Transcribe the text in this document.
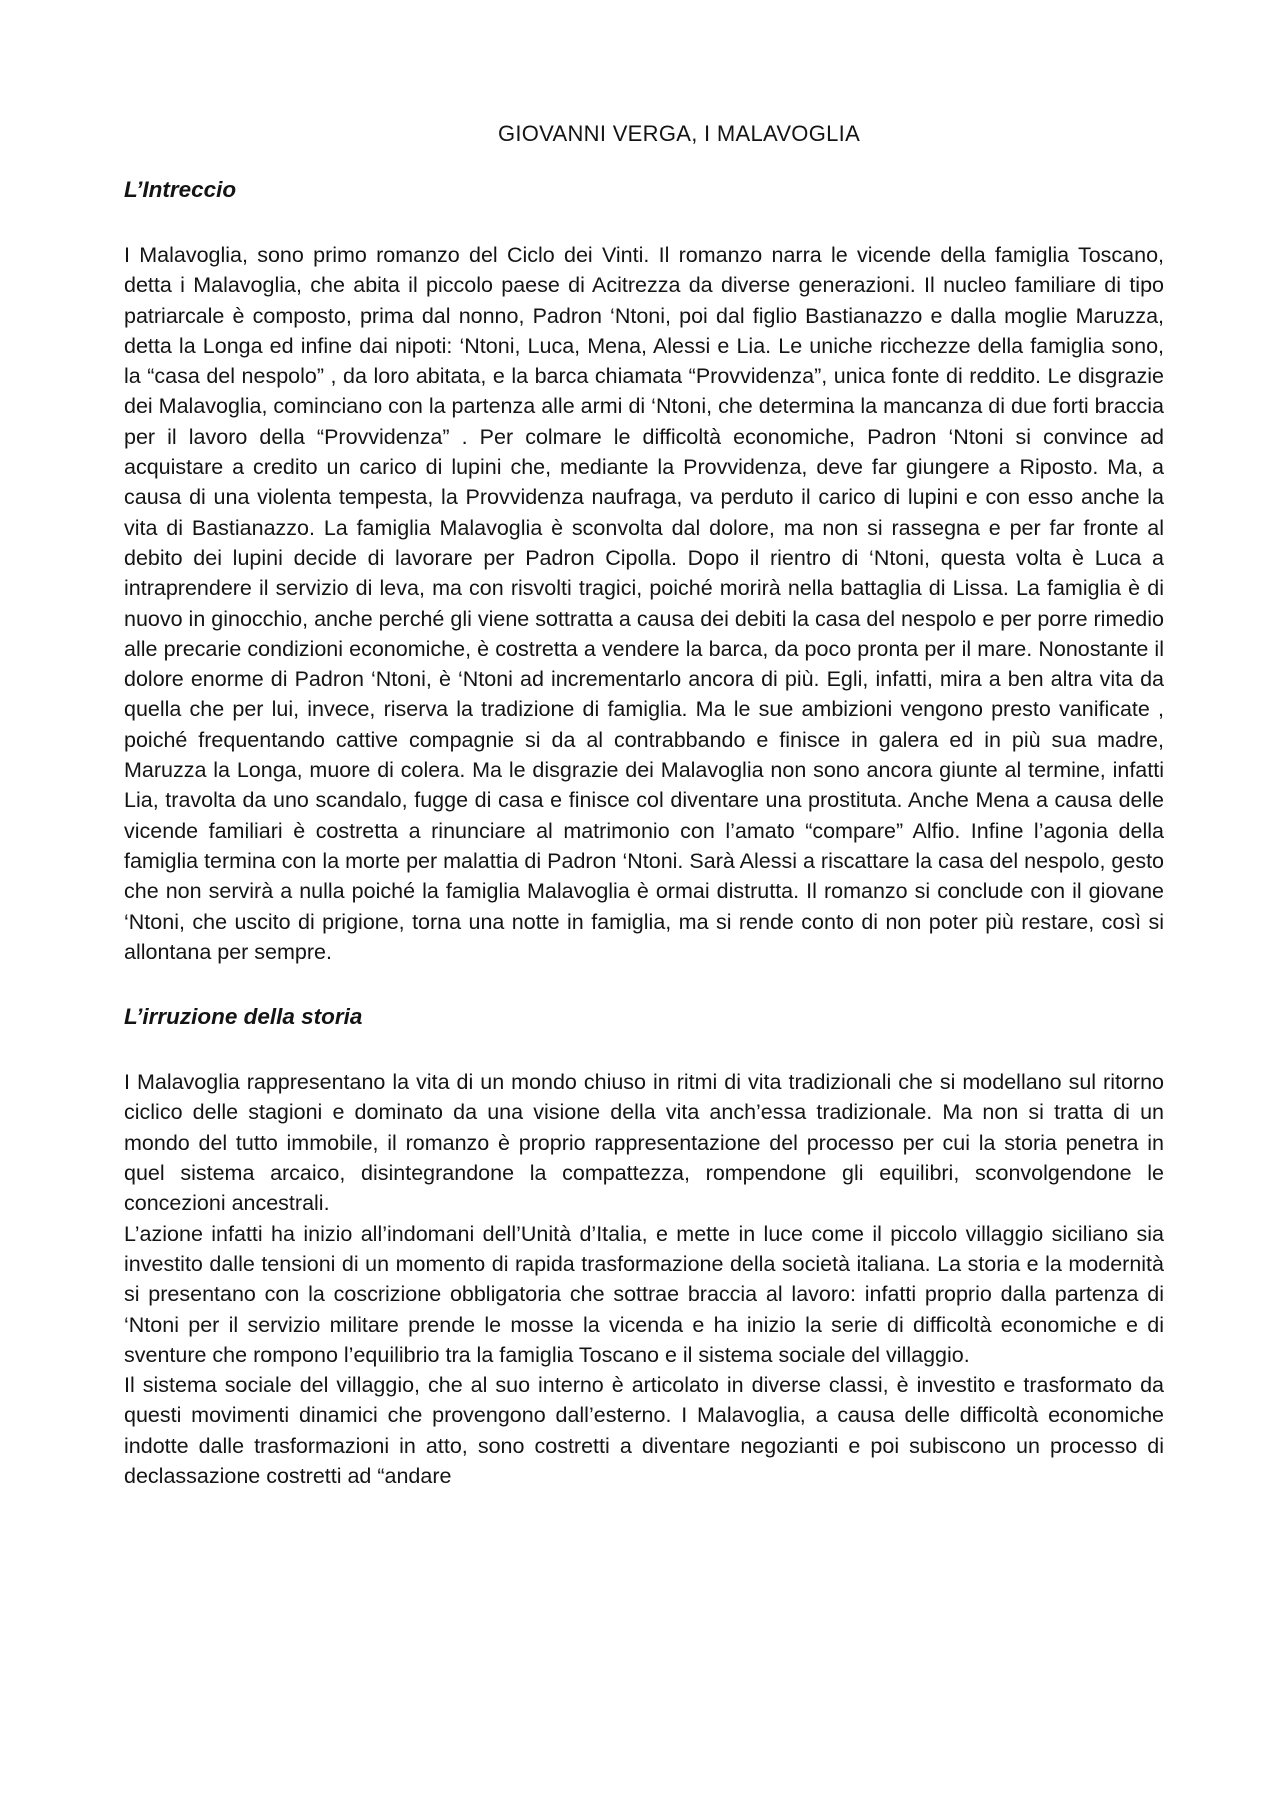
GIOVANNI VERGA, I MALAVOGLIA
L’Intreccio

I Malavoglia, sono primo romanzo del Ciclo dei Vinti. Il romanzo narra le vicende della famiglia Toscano, detta i Malavoglia, che abita il piccolo paese di Acitrezza da diverse generazioni. Il nucleo familiare di tipo patriarcale è composto, prima dal nonno, Padron ‘Ntoni, poi dal figlio Bastianazzo e dalla moglie Maruzza, detta la Longa ed infine dai nipoti: ‘Ntoni, Luca, Mena, Alessi e Lia. Le uniche ricchezze della famiglia sono, la “casa del nespolo” , da loro abitata, e la barca chiamata “Provvidenza”, unica fonte di reddito. Le disgrazie dei Malavoglia, cominciano con la partenza alle armi di ‘Ntoni, che determina la mancanza di due forti braccia per il lavoro della “Provvidenza” . Per colmare le difficoltà economiche, Padron ‘Ntoni si convince ad acquistare a credito un carico di lupini che, mediante la Provvidenza, deve far giungere a Riposto. Ma, a causa di una violenta tempesta, la Provvidenza naufraga, va perduto il carico di lupini e con esso anche la vita di Bastianazzo. La famiglia Malavoglia è sconvolta dal dolore, ma non si rassegna e per far fronte al debito dei lupini decide di lavorare per Padron Cipolla. Dopo il rientro di ‘Ntoni, questa volta è Luca a intraprendere il servizio di leva, ma con risvolti tragici, poiché morirà nella battaglia di Lissa. La famiglia è di nuovo in ginocchio, anche perché gli viene sottratta a causa dei debiti la casa del nespolo e per porre rimedio alle precarie condizioni economiche, è costretta a vendere la barca, da poco pronta per il mare. Nonostante il dolore enorme di Padron ‘Ntoni, è ‘Ntoni ad incrementarlo ancora di più. Egli, infatti, mira a ben altra vita da quella che per lui, invece, riserva la tradizione di famiglia. Ma le sue ambizioni vengono presto vanificate , poiché frequentando cattive compagnie si da al contrabbando e finisce in galera ed in più sua madre, Maruzza la Longa, muore di colera. Ma le disgrazie dei Malavoglia non sono ancora giunte al termine, infatti Lia, travolta da uno scandalo, fugge di casa e finisce col diventare una prostituta. Anche Mena a causa delle vicende familiari è costretta a rinunciare al matrimonio con l’amato “compare” Alfio. Infine l’agonia della famiglia termina con la morte per malattia di Padron ‘Ntoni. Sarà Alessi a riscattare la casa del nespolo, gesto che non servirà a nulla poiché la famiglia Malavoglia è ormai distrutta. Il romanzo si conclude con il giovane ‘Ntoni, che uscito di prigione, torna una notte in famiglia, ma si rende conto di non poter più restare, così si allontana per sempre.

L’irruzione della storia

I Malavoglia rappresentano la vita di un mondo chiuso in ritmi di vita tradizionali che si modellano sul ritorno ciclico delle stagioni e dominato da una visione della vita anch’essa tradizionale. Ma non si tratta di un mondo del tutto immobile, il romanzo è proprio rappresentazione del processo per cui la storia penetra in quel sistema arcaico, disintegrandone la compattezza, rompendone gli equilibri, sconvolgendone le concezioni ancestrali.

L’azione infatti ha inizio all’indomani dell’Unità d’Italia, e mette in luce come il piccolo villaggio siciliano sia investito dalle tensioni di un momento di rapida trasformazione della società italiana. La storia e la modernità si presentano con la coscrizione obbligatoria che sottrae braccia al lavoro: infatti proprio dalla partenza di ‘Ntoni per il servizio militare prende le mosse la vicenda e ha inizio la serie di difficoltà economiche e di sventure che rompono l’equilibrio tra la famiglia Toscano e il sistema sociale del villaggio.

Il sistema sociale del villaggio, che al suo interno è articolato in diverse classi, è investito e trasformato da questi movimenti dinamici che provengono dall’esterno. I Malavoglia, a causa delle difficoltà economiche indotte dalle trasformazioni in atto, sono costretti a diventare negozianti e poi subiscono un processo di declassazione costretti ad “andare
